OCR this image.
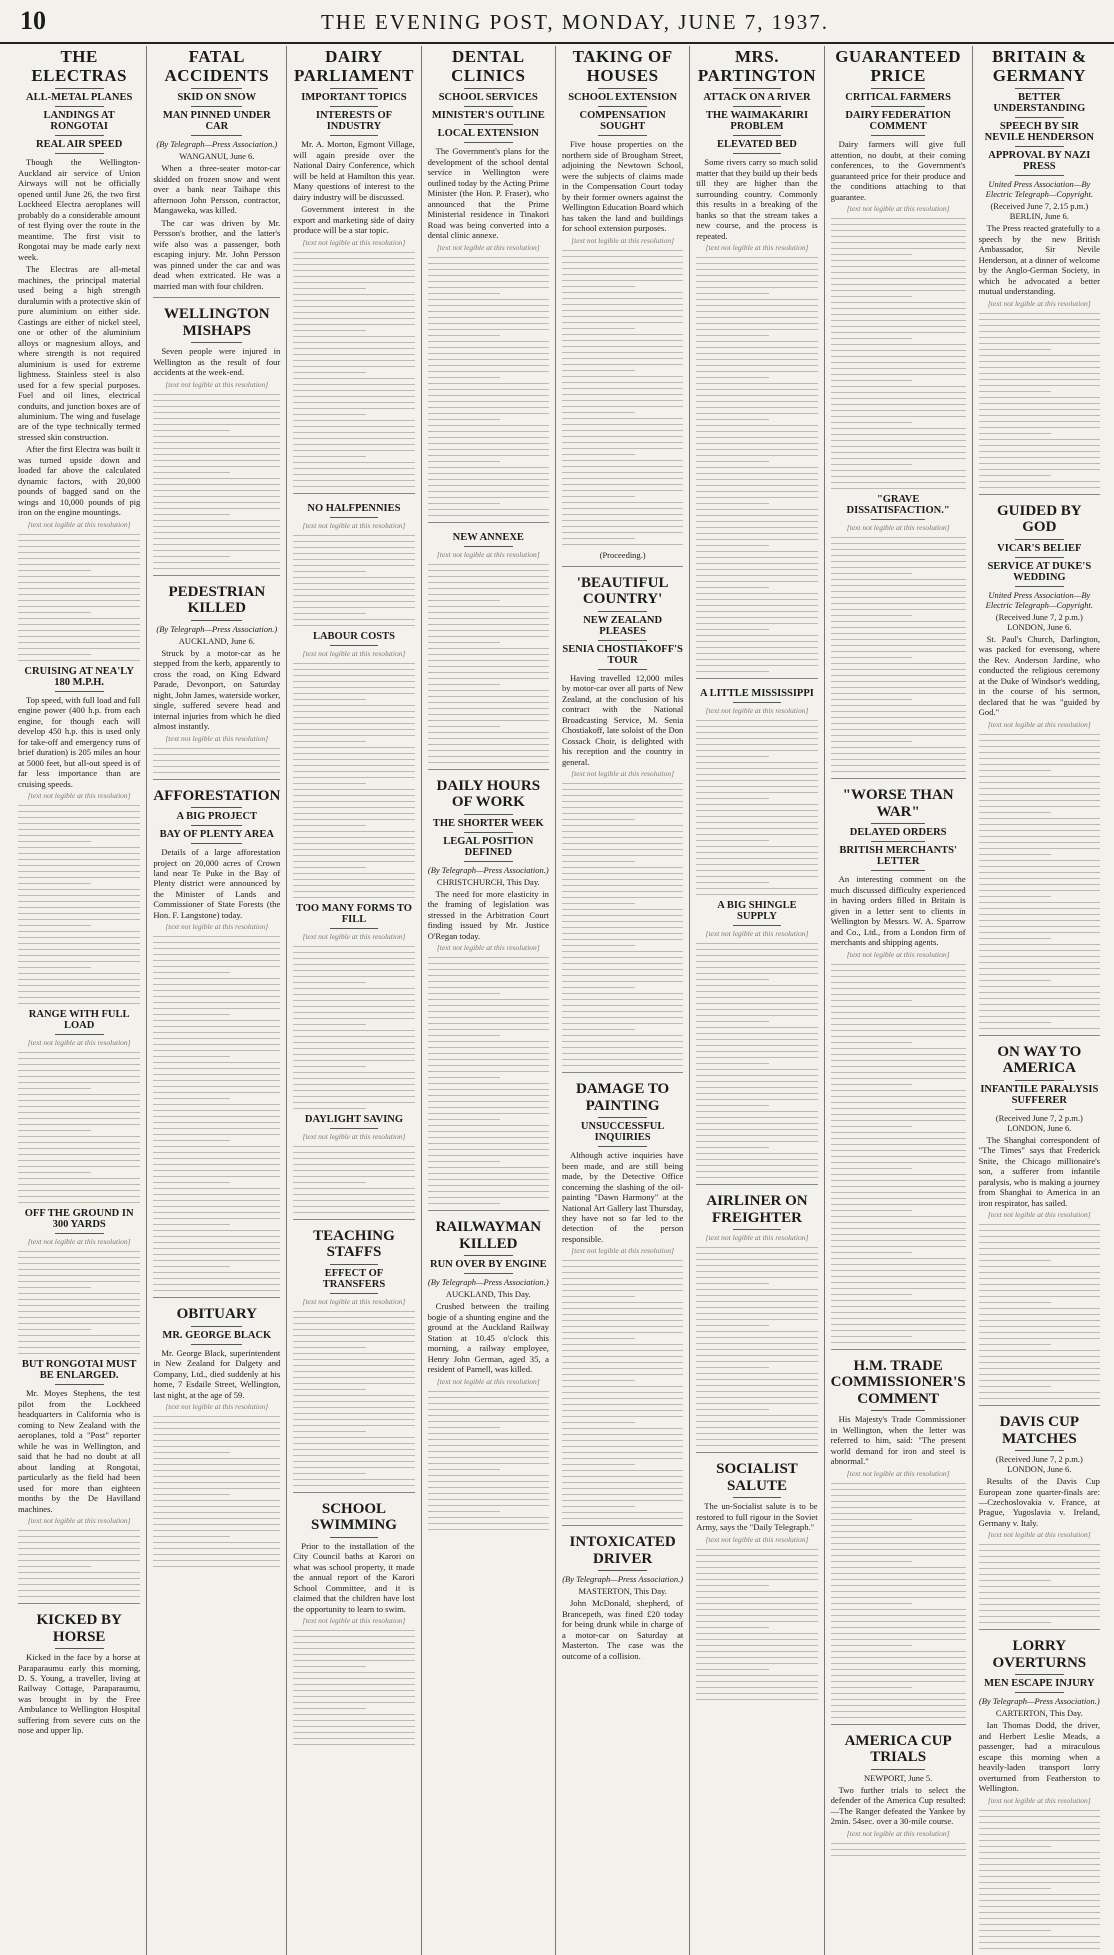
10	THE EVENING POST, MONDAY, JUNE 7, 1937.
THE ELECTRAS
ALL-METAL PLANES
LANDINGS AT RONGOTAI
REAL AIR SPEED

Though the Wellington-Auckland air service of Union Airways will not be officially opened until June 26, the two first Lockheed Electra aeroplanes will probably do a considerable amount of test flying over the route in the meantime. The first visit to Rongotai may be made early next week.

The Electras are all-metal machines, the principal material used being a high strength duralumin with a protective skin of pure aluminium on either side. Castings are either of nickel steel, one or other of the aluminium alloys or magnesium alloys, and where strength is not required aluminium is used for extreme lightness. Stainless steel is also used for a few special purposes. Fuel and oil lines, electrical conduits, and junction boxes are of aluminium. The wing and fuselage are of the type technically termed stressed skin construction.

After the first Electra was built it was turned upside down and loaded far above the calculated dynamic factors, with 20,000 pounds of bagged sand on the wings and 10,000 pounds of pig iron on the engine mountings.

[text not legible at this resolution]
CRUISING AT NEA'LY 180 M.P.H.

Top speed, with full load and full engine power (400 h.p. from each engine, for though each will develop 450 h.p. this is used only for take-off and emergency runs of brief duration) is 205 miles an hour at 5000 feet, but all-out speed is of far less importance than are cruising speeds.

[text not legible at this resolution]
RANGE WITH FULL LOAD
[text not legible at this resolution]
OFF THE GROUND IN 300 YARDS
[text not legible at this resolution]
BUT RONGOTAI MUST BE ENLARGED.

Mr. Moyes Stephens, the test pilot from the Lockheed headquarters in California who is coming to New Zealand with the aeroplanes, told a "Post" reporter while he was in Wellington, and said that he had no doubt at all about landing at Rongotai, particularly as the field had been used for more than eighteen months by the De Havilland machines.

[text not legible at this resolution]
KICKED BY HORSE

Kicked in the face by a horse at Paraparaumu early this morning, D. S. Young, a traveller, living at Railway Cottage, Paraparaumu, was brought in by the Free Ambulance to Wellington Hospital suffering from severe cuts on the nose and upper lip.

FATAL ACCIDENTS
SKID ON SNOW
MAN PINNED UNDER CAR
(By Telegraph—Press Association.)
WANGANUI, June 6.

When a three-seater motor-car skidded on frozen snow and went over a bank near Taihape this afternoon John Persson, contractor, Mangaweka, was killed.

The car was driven by Mr. Persson's brother, and the latter's wife also was a passenger, both escaping injury. Mr. John Persson was pinned under the car and was dead when extricated. He was a married man with four children.

WELLINGTON MISHAPS

Seven people were injured in Wellington as the result of four accidents at the week-end.

[text not legible at this resolution]
PEDESTRIAN KILLED
(By Telegraph—Press Association.)
AUCKLAND, June 6.

Struck by a motor-car as he stepped from the kerb, apparently to cross the road, on King Edward Parade, Devonport, on Saturday night, John James, waterside worker, single, suffered severe head and internal injuries from which he died almost instantly.

[text not legible at this resolution]
AFFORESTATION
A BIG PROJECT
BAY OF PLENTY AREA

Details of a large afforestation project on 20,000 acres of Crown land near Te Puke in the Bay of Plenty district were announced by the Minister of Lands and Commissioner of State Forests (the Hon. F. Langstone) today.

[text not legible at this resolution]
OBITUARY
MR. GEORGE BLACK

Mr. George Black, superintendent in New Zealand for Dalgety and Company, Ltd., died suddenly at his home, 7 Esdaile Street, Wellington, last night, at the age of 59.

[text not legible at this resolution]
DAIRY PARLIAMENT
IMPORTANT TOPICS
INTERESTS OF INDUSTRY

Mr. A. Morton, Egmont Village, will again preside over the National Dairy Conference, which will be held at Hamilton this year. Many questions of interest to the dairy industry will be discussed.

Government interest in the export and marketing side of dairy produce will be a star topic.

[text not legible at this resolution]
NO HALFPENNIES
[text not legible at this resolution]
LABOUR COSTS
[text not legible at this resolution]
TOO MANY FORMS TO FILL
[text not legible at this resolution]
DAYLIGHT SAVING
[text not legible at this resolution]
TEACHING STAFFS
EFFECT OF TRANSFERS
[text not legible at this resolution]
SCHOOL SWIMMING

Prior to the installation of the City Council baths at Karori on what was school property, it made the annual report of the Karori School Committee, and it is claimed that the children have lost the opportunity to learn to swim.

[text not legible at this resolution]
DENTAL CLINICS
SCHOOL SERVICES
MINISTER'S OUTLINE
LOCAL EXTENSION

The Government's plans for the development of the school dental service in Wellington were outlined today by the Acting Prime Minister (the Hon. P. Fraser), who announced that the Prime Ministerial residence in Tinakori Road was being converted into a dental clinic annexe.

[text not legible at this resolution]
NEW ANNEXE
[text not legible at this resolution]
DAILY HOURS OF WORK
THE SHORTER WEEK
LEGAL POSITION DEFINED
(By Telegraph—Press Association.)
CHRISTCHURCH, This Day.

The need for more elasticity in the framing of legislation was stressed in the Arbitration Court finding issued by Mr. Justice O'Regan today.

[text not legible at this resolution]
RAILWAYMAN KILLED
RUN OVER BY ENGINE
(By Telegraph—Press Association.)
AUCKLAND, This Day.

Crushed between the trailing bogie of a shunting engine and the ground at the Auckland Railway Station at 10.45 o'clock this morning, a railway employee, Henry John German, aged 35, a resident of Parnell, was killed.

[text not legible at this resolution]
TAKING OF HOUSES
SCHOOL EXTENSION
COMPENSATION SOUGHT

Five house properties on the northern side of Brougham Street, adjoining the Newtown School, were the subjects of claims made in the Compensation Court today by their former owners against the Wellington Education Board which has taken the land and buildings for school extension purposes.

[text not legible at this resolution]
(Proceeding.)
'BEAUTIFUL COUNTRY'
NEW ZEALAND PLEASES
SENIA CHOSTIAKOFF'S TOUR

Having travelled 12,000 miles by motor-car over all parts of New Zealand, at the conclusion of his contract with the National Broadcasting Service, M. Senia Chostiakoff, late soloist of the Don Cossack Choir, is delighted with his reception and the country in general.

[text not legible at this resolution]
DAMAGE TO PAINTING
UNSUCCESSFUL INQUIRIES

Although active inquiries have been made, and are still being made, by the Detective Office concerning the slashing of the oil-painting "Dawn Harmony" at the National Art Gallery last Thursday, they have not so far led to the detection of the person responsible.

[text not legible at this resolution]
INTOXICATED DRIVER
(By Telegraph—Press Association.)
MASTERTON, This Day.

John McDonald, shepherd, of Brancepeth, was fined £20 today for being drunk while in charge of a motor-car on Saturday at Masterton. The case was the outcome of a collision.

MRS. PARTINGTON
ATTACK ON A RIVER
THE WAIMAKARIRI PROBLEM
ELEVATED BED

Some rivers carry so much solid matter that they build up their beds till they are higher than the surrounding country. Commonly this results in a breaking of the banks so that the stream takes a new course, and the process is repeated.

[text not legible at this resolution]
A LITTLE MISSISSIPPI
[text not legible at this resolution]
A BIG SHINGLE SUPPLY
[text not legible at this resolution]
AIRLINER ON FREIGHTER
[text not legible at this resolution]
SOCIALIST SALUTE

The un-Socialist salute is to be restored to full rigour in the Soviet Army, says the "Daily Telegraph."

[text not legible at this resolution]
GUARANTEED PRICE
CRITICAL FARMERS
DAIRY FEDERATION COMMENT

Dairy farmers will give full attention, no doubt, at their coming conferences, to the Government's guaranteed price for their produce and the conditions attaching to that guarantee.

[text not legible at this resolution]
"GRAVE DISSATISFACTION."
[text not legible at this resolution]
"WORSE THAN WAR"
DELAYED ORDERS
BRITISH MERCHANTS' LETTER

An interesting comment on the much discussed difficulty experienced in having orders filled in Britain is given in a letter sent to clients in Wellington by Messrs. W. A. Sparrow and Co., Ltd., from a London firm of merchants and shipping agents.

[text not legible at this resolution]
H.M. TRADE COMMISSIONER'S COMMENT

His Majesty's Trade Commissioner in Wellington, when the letter was referred to him, said: "The present world demand for iron and steel is abnormal."

[text not legible at this resolution]
AMERICA CUP TRIALS
NEWPORT, June 5.

Two further trials to select the defender of the America Cup resulted:—The Ranger defeated the Yankee by 2min. 54sec. over a 30-mile course.

[text not legible at this resolution]
BRITAIN & GERMANY
BETTER UNDERSTANDING
SPEECH BY SIR NEVILE HENDERSON
APPROVAL BY NAZI PRESS
United Press Association—By Electric Telegraph—Copyright.
(Received June 7, 2.15 p.m.) BERLIN, June 6.

The Press reacted gratefully to a speech by the new British Ambassador, Sir Nevile Henderson, at a dinner of welcome by the Anglo-German Society, in which he advocated a better mutual understanding.

[text not legible at this resolution]
GUIDED BY GOD
VICAR'S BELIEF
SERVICE AT DUKE'S WEDDING
United Press Association—By Electric Telegraph—Copyright.
(Received June 7, 2 p.m.) LONDON, June 6.

St. Paul's Church, Darlington, was packed for evensong, where the Rev. Anderson Jardine, who conducted the religious ceremony at the Duke of Windsor's wedding, in the course of his sermon, declared that he was "guided by God."

[text not legible at this resolution]
ON WAY TO AMERICA
INFANTILE PARALYSIS SUFFERER
(Received June 7, 2 p.m.) LONDON, June 6.

The Shanghai correspondent of "The Times" says that Frederick Snite, the Chicago millionaire's son, a sufferer from infantile paralysis, who is making a journey from Shanghai to America in an iron respirator, has sailed.

[text not legible at this resolution]
DAVIS CUP MATCHES
(Received June 7, 2 p.m.) LONDON, June 6.

Results of the Davis Cup European zone quarter-finals are:—Czechoslovakia v. France, at Prague, Yugoslavia v. Ireland, Germany v. Italy.

[text not legible at this resolution]
LORRY OVERTURNS
MEN ESCAPE INJURY
(By Telegraph—Press Association.)
CARTERTON, This Day.

Ian Thomas Dodd, the driver, and Herbert Leslie Meads, a passenger, had a miraculous escape this morning when a heavily-laden transport lorry overturned from Featherston to Wellington.

[text not legible at this resolution]
